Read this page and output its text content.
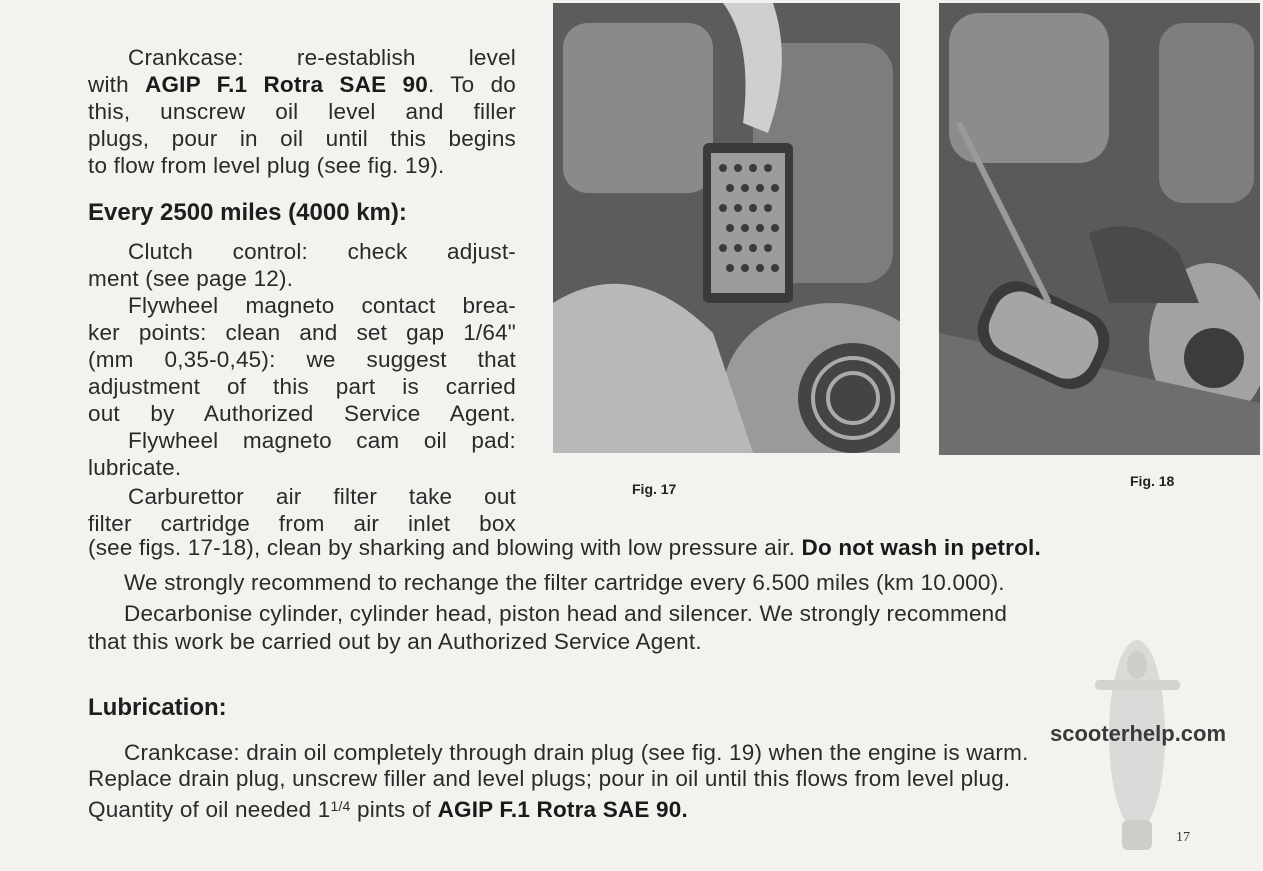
Crankcase: re-establish level
with AGIP F.1 Rotra SAE 90. To do
this, unscrew oil level and filler
plugs, pour in oil until this begins
to flow from level plug (see fig. 19).
Every 2500 miles (4000 km):
Clutch control: check adjust-
ment (see page 12).
Flywheel magneto contact brea-
ker points: clean and set gap 1/64"
(mm 0,35-0,45): we suggest that
adjustment of this part is carried
out by Authorized Service Agent.
Flywheel magneto cam oil pad:
lubricate.
Carburettor air filter take out
filter cartridge from air inlet box
Fig. 17	Fig. 18
(see figs. 17-18), clean by sharking and blowing with low pressure air. Do not wash in petrol.
We strongly recommend to rechange the filter cartridge every 6.500 miles (km 10.000).
Decarbonise cylinder, cylinder head, piston head and silencer. We strongly recommend
that this work be carried out by an Authorized Service Agent.
Lubrication:
Crankcase: drain oil completely through drain plug (see fig. 19) when the engine is warm.
Replace drain plug, unscrew filler and level plugs; pour in oil until this flows from level plug.
Quantity of oil needed $1^{1/4}$ pints of AGIP F.1 Rotra SAE 90.
scooterhelp.com
17
